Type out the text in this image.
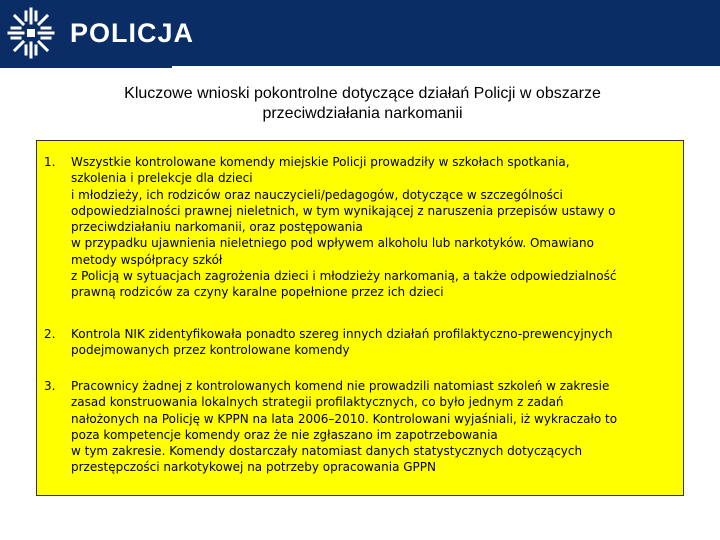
POLICJA
Kluczowe wnioski pokontrolne dotyczące działań Policji w obszarze
przeciwdziałania narkomanii
1. Wszystkie kontrolowane komendy miejskie Policji prowadziły w szkołach spotkania,
szkolenia i prelekcje dla dzieci
i młodzieży, ich rodziców oraz nauczycieli/pedagogów, dotyczące w szczególności
odpowiedzialności prawnej nieletnich, w tym wynikającej z naruszenia przepisów ustawy o
przeciwdziałaniu narkomanii, oraz postępowania
w przypadku ujawnienia nieletniego pod wpływem alkoholu lub narkotyków. Omawiano
metody współpracy szkół
z Policją w sytuacjach zagrożenia dzieci i młodzieży narkomanią, a także odpowiedzialność
prawną rodziców za czyny karalne popełnione przez ich dzieci
2. Kontrola NIK zidentyfikowała ponadto szereg innych działań profilaktyczno-prewencyjnych
podejmowanych przez kontrolowane komendy
3. Pracownicy żadnej z kontrolowanych komend nie prowadzili natomiast szkoleń w zakresie
zasad konstruowania lokalnych strategii profilaktycznych, co było jednym z zadań
nałożonych na Policję w KPPN na lata 2006–2010. Kontrolowani wyjaśniali, iż wykraczało to
poza kompetencje komendy oraz że nie zgłaszano im zapotrzebowania
w tym zakresie. Komendy dostarczały natomiast danych statystycznych dotyczących
przestępczości narkotykowej na potrzeby opracowania GPPN
